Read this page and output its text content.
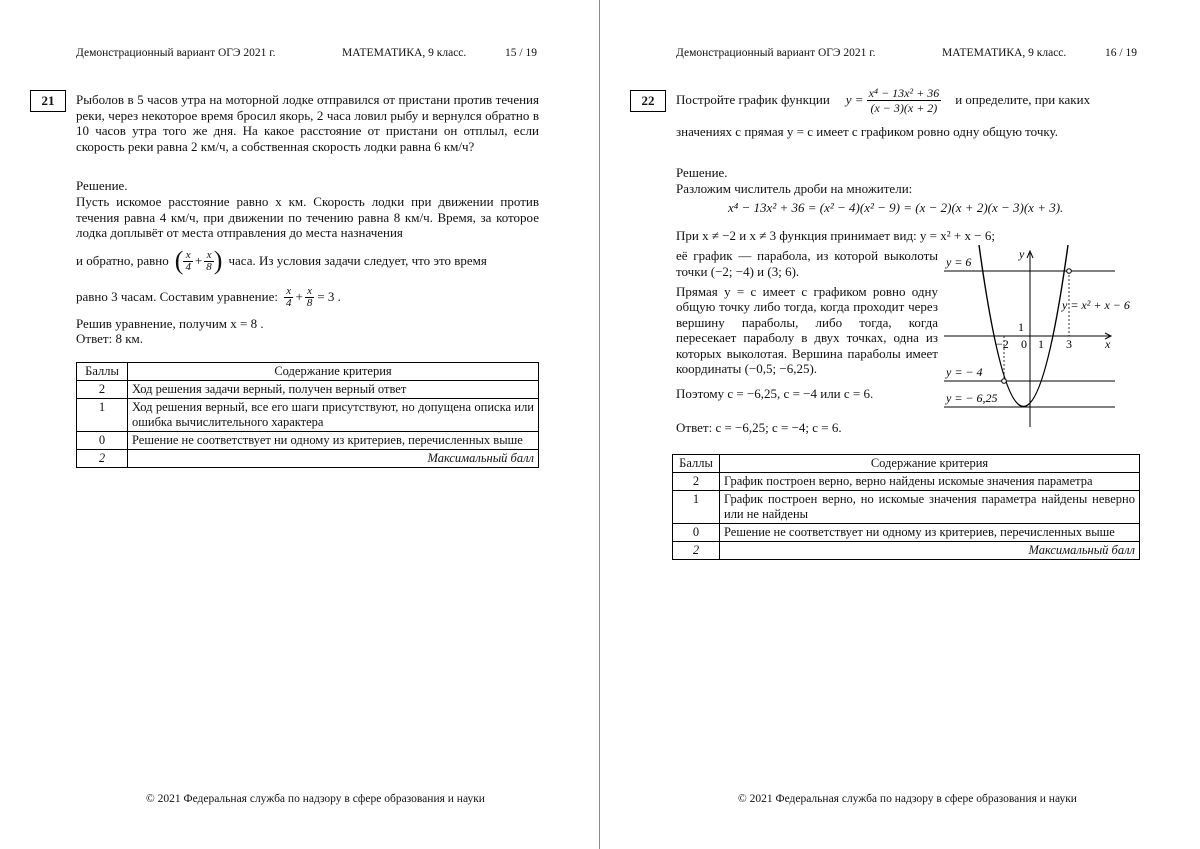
Демонстрационный вариант ОГЭ 2021 г.	МАТЕМАТИКА, 9 класс.	15 / 19
21	Рыболов в 5 часов утра на моторной лодке отправился от пристани против течения реки, через некоторое время бросил якорь, 2 часа ловил рыбу и вернулся обратно в 10 часов утра того же дня. На какое расстояние от пристани он отплыл, если скорость реки равна 2 км/ч, а собственная скорость лодки равна 6 км/ч?
Решение.
Пусть искомое расстояние равно x км. Скорость лодки при движении против течения равна 4 км/ч, при движении по течению равна 8 км/ч. Время, за которое лодка доплывёт от места отправления до места назначения
и обратно, равно ( $\frac{x}{4} + \frac{x}{8}$ ) часа. Из условия задачи следует, что это время
равно 3 часам. Составим уравнение: $\frac{x}{4} + \frac{x}{8} = 3$ .
Решив уравнение, получим x = 8 .
Ответ: 8 км.
Баллы	Содержание критерия
2	Ход решения задачи верный, получен верный ответ
1	Ход решения верный, все его шаги присутствуют, но допущена описка или ошибка вычислительного характера
0	Решение не соответствует ни одному из критериев, перечисленных выше
2	Максимальный балл
© 2021 Федеральная служба по надзору в сфере образования и науки
Демонстрационный вариант ОГЭ 2021 г.	МАТЕМАТИКА, 9 класс.	16 / 19
22	Постройте график функции $y = \frac{\text{x⁴ − 13x² + 36}}{(x - 3)(x + 2)}$ и определите, при каких
значениях c прямая y = c имеет с графиком ровно одну общую точку.
Решение.
Разложим числитель дроби на множители:
x⁴ − 13x² + 36 = (x² − 4)(x² − 9) = (x − 2)(x + 2)(x − 3)(x + 3).
При x ≠ −2 и x ≠ 3 функция принимает вид: y = x² + x − 6;
её график — парабола, из которой выколоты точки (−2; −4) и (3; 6).
Прямая y = c имеет с графиком ровно одну общую точку либо тогда, когда проходит через вершину параболы, либо тогда, когда пересекает параболу в двух точках, одна из которых выколотая. Вершина параболы имеет координаты (−0,5; −6,25).
Поэтому c = −6,25, c = −4 или c = 6.
Ответ: c = −6,25; c = −4; c = 6.
y = 6
y = − 4
y = − 6,25
y = x² + x − 6
y
x
1
−2 0 1 3
Баллы	Содержание критерия
2	График построен верно, верно найдены искомые значения параметра
1	График построен верно, но искомые значения параметра найдены неверно или не найдены
0	Решение не соответствует ни одному из критериев, перечисленных выше
2	Максимальный балл
© 2021 Федеральная служба по надзору в сфере образования и науки
